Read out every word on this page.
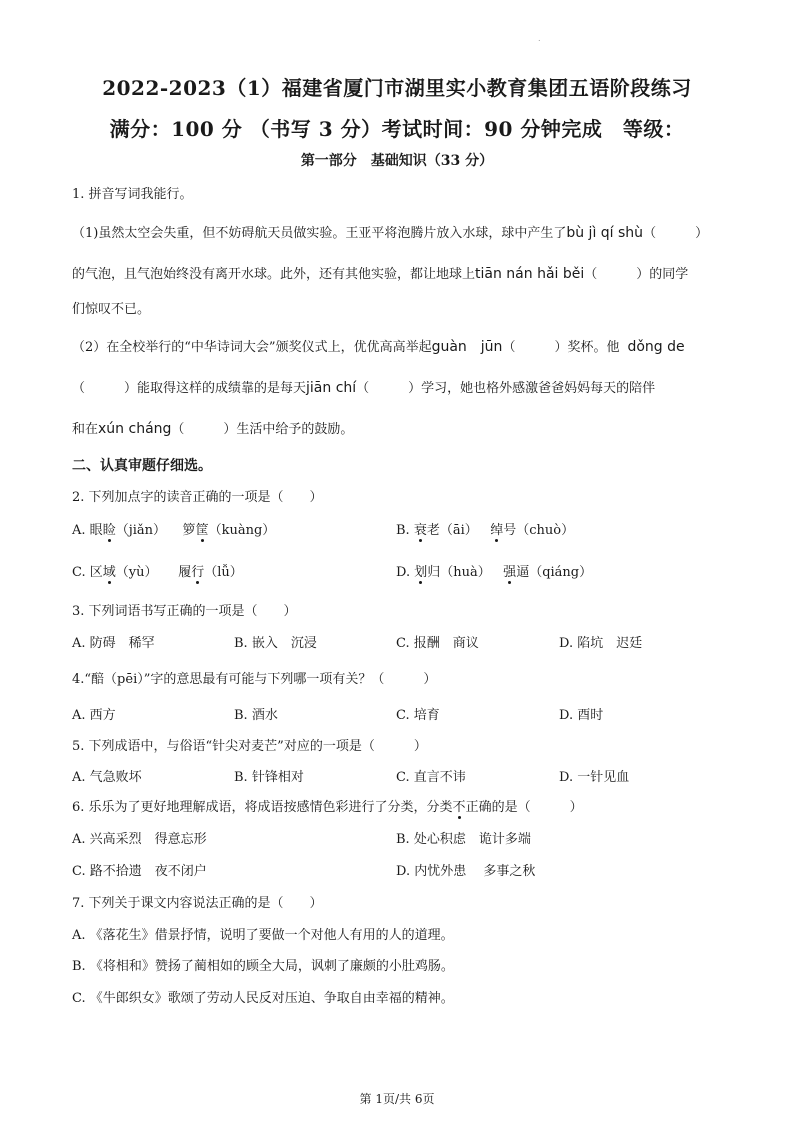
.
2022-2023（1）福建省厦门市湖里实小教育集团五语阶段练习
满分：100 分 （书写 3 分）考试时间：90 分钟完成　等级：
第一部分　基础知识（33 分）
1. 拼音写词我能行。
（1)虽然太空会失重，但不妨碍航天员做实验。王亚平将泡腾片放入水球，球中产生了bù jì qí shù（　　　）
的气泡，且气泡始终没有离开水球。此外，还有其他实验，都让地球上tiān nán hǎi běi（　　　）的同学
们惊叹不已。
（2）在全校举行的“中华诗词大会”颁奖仪式上，优优高高举起guàn　jūn（　　　）奖杯。他 dǒng de
（　　　）能取得这样的成绩靠的是每天jiān chí（　　　）学习，她也格外感激爸爸妈妈每天的陪伴
和在xún cháng（　　　）生活中给予的鼓励。
二、认真审题仔细选。
2. 下列加点字的读音正确的一项是（　　）
A. 眼睑（jiǎn） 箩筐（kuàng）	B. 衰老（āi） 绰号（chuò）
C. 区域（yù） 履行（lǚ）	D. 划归（huà） 强逼（qiáng）
3. 下列词语书写正确的一项是（　　）
A. 防碍　稀罕	B. 嵌入　沉浸	C. 报酬　商议	D. 陷坑　迟廷
4.“醅（pēi）”字的意思最有可能与下列哪一项有关？（　　　）
A. 西方	B. 酒水	C. 培育	D. 酉时
5. 下列成语中，与俗语“针尖对麦芒”对应的一项是（　　　）
A. 气急败坏	B. 针锋相对	C. 直言不讳	D. 一针见血
6. 乐乐为了更好地理解成语，将成语按感情色彩进行了分类，分类不正确的是（　　　）
A. 兴高采烈　得意忘形	B. 处心积虑　诡计多端
C. 路不拾遗　夜不闭户	D. 内忧外患　 多事之秋
7. 下列关于课文内容说法正确的是（　　）
A. 《落花生》借景抒情，说明了要做一个对他人有用的人的道理。
B. 《将相和》赞扬了蔺相如的顾全大局，讽刺了廉颇的小肚鸡肠。
C. 《牛郎织女》歌颂了劳动人民反对压迫、争取自由幸福的精神。
第 1页/共 6页
